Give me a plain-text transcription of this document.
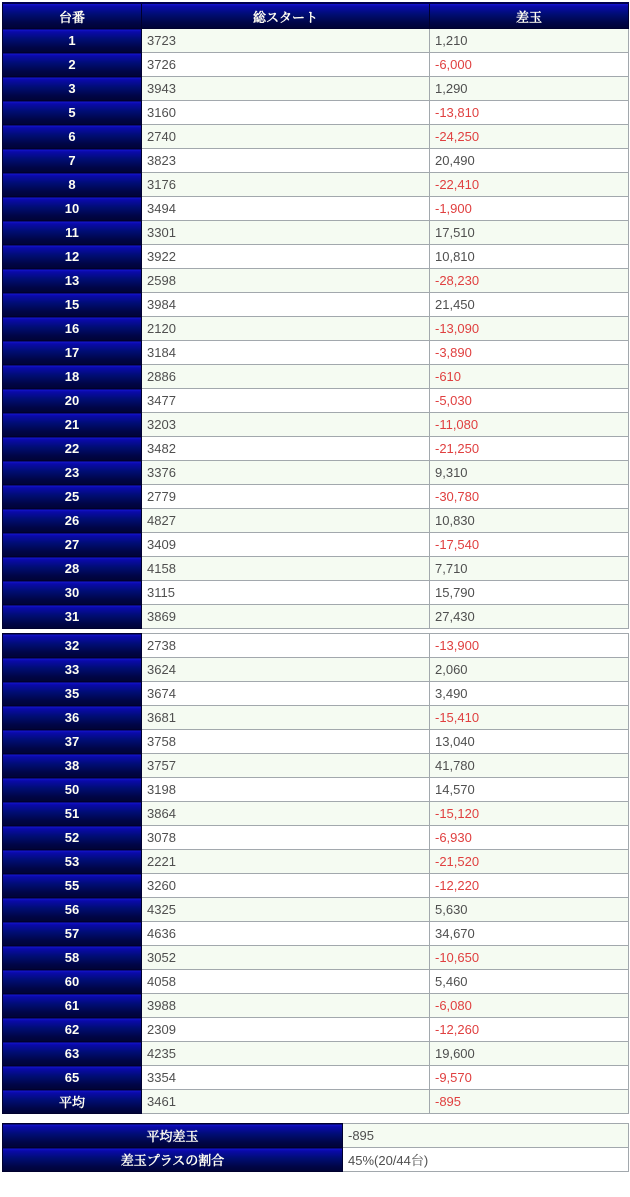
台番	総スタート	差玉
1	3723	1,210
2	3726	-6,000
3	3943	1,290
5	3160	-13,810
6	2740	-24,250
7	3823	20,490
8	3176	-22,410
10	3494	-1,900
11	3301	17,510
12	3922	10,810
13	2598	-28,230
15	3984	21,450
16	2120	-13,090
17	3184	-3,890
18	2886	-610
20	3477	-5,030
21	3203	-11,080
22	3482	-21,250
23	3376	9,310
25	2779	-30,780
26	4827	10,830
27	3409	-17,540
28	4158	7,710
30	3115	15,790
31	3869	27,430
32	2738	-13,900
33	3624	2,060
35	3674	3,490
36	3681	-15,410
37	3758	13,040
38	3757	41,780
50	3198	14,570
51	3864	-15,120
52	3078	-6,930
53	2221	-21,520
55	3260	-12,220
56	4325	5,630
57	4636	34,670
58	3052	-10,650
60	4058	5,460
61	3988	-6,080
62	2309	-12,260
63	4235	19,600
65	3354	-9,570
平均	3461	-895
平均差玉	-895
差玉プラスの割合	45%(20/44台)
